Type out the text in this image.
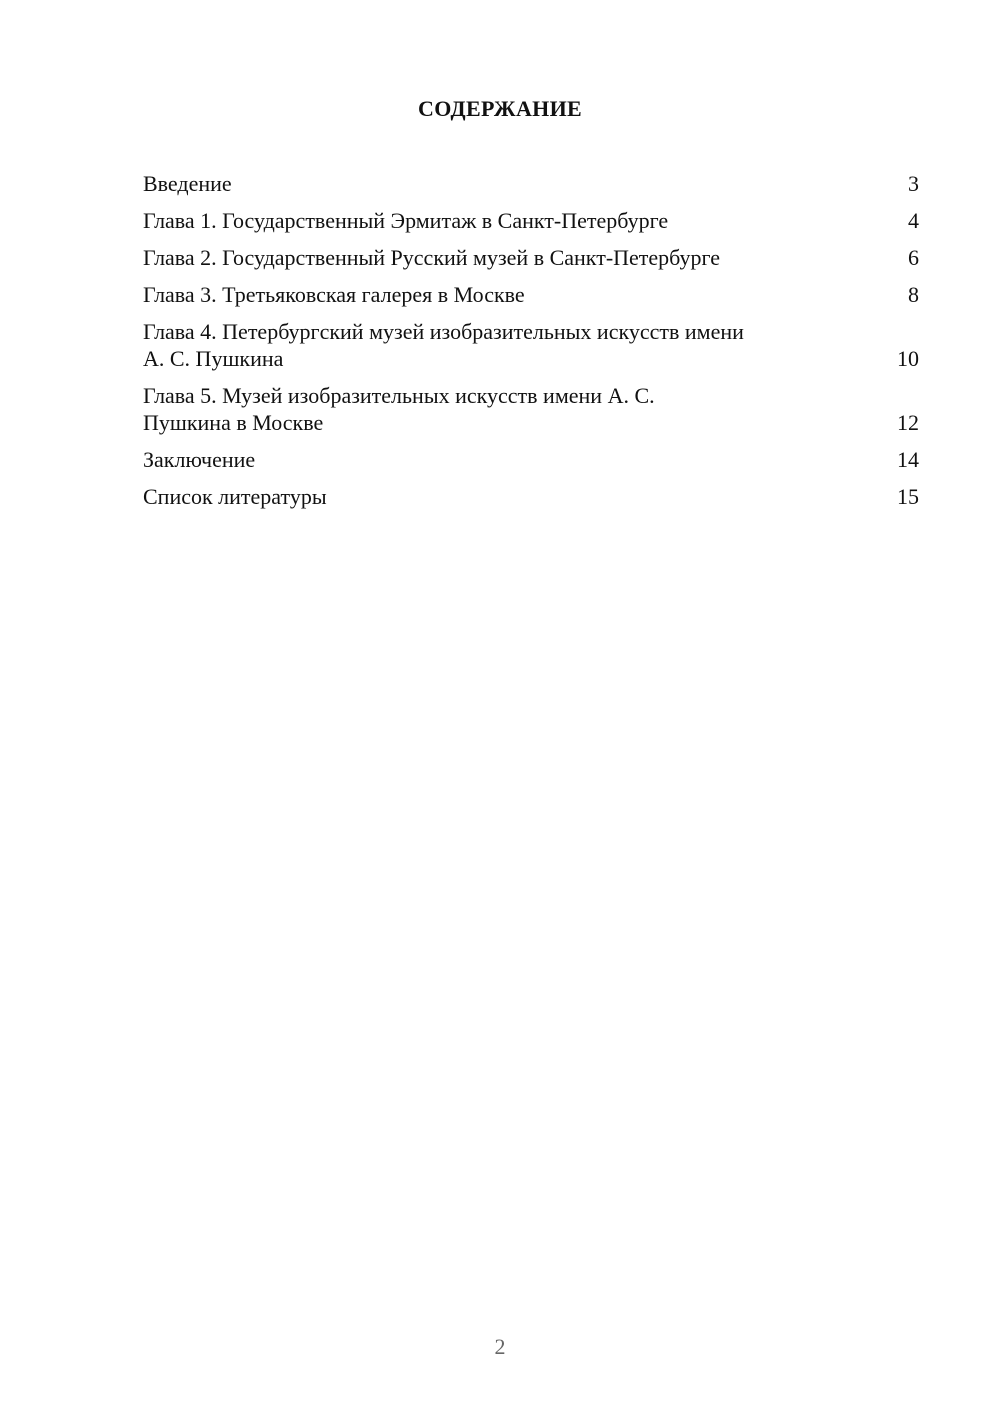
СОДЕРЖАНИЕ
Введение	3
Глава 1. Государственный Эрмитаж в Санкт-Петербурге	4
Глава 2. Государственный Русский музей в Санкт-Петербурге	6
Глава 3. Третьяковская галерея в Москве	8
Глава 4. Петербургский музей изобразительных искусств имени
А. С. Пушкина	10
Глава 5. Музей изобразительных искусств имени А. С.
Пушкина в Москве	12
Заключение	14
Список литературы	15
2
